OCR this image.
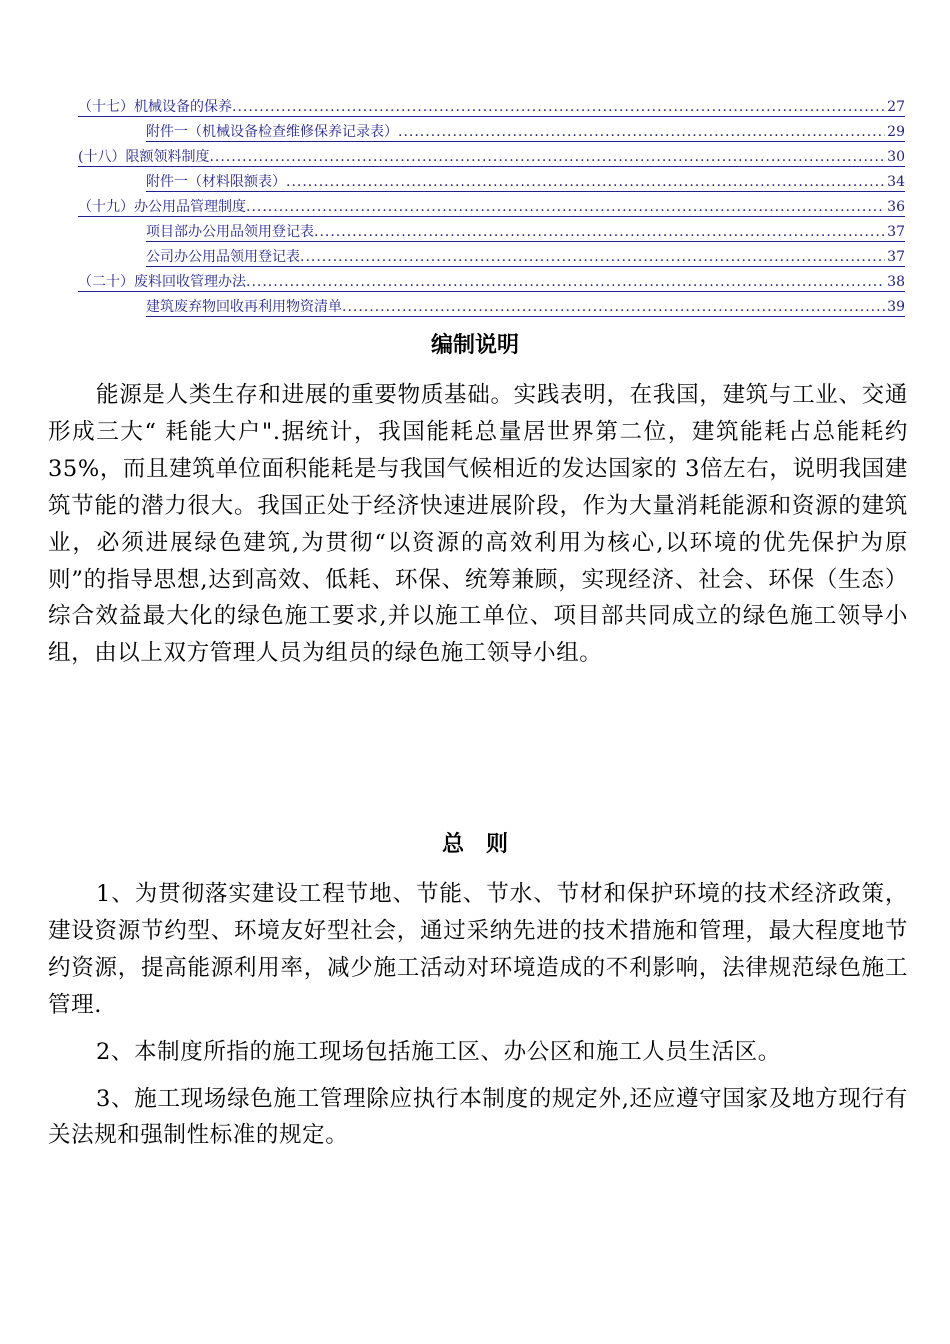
（十七）机械设备的保养 .....	27
附件一（机械设备检查维修保养记录表） .....	29
(十八）限额领料制度 .....	30
附件一（材料限额表） .....	34
（十九）办公用品管理制度 .....	36
项目部办公用品领用登记表 .....	37
公司办公用品领用登记表 .....	37
（二十）废料回收管理办法 .....	38
建筑废弃物回收再利用物资清单 .....	39
编制说明

能源是人类生存和进展的重要物质基础。实践表明，在我国，建筑与工业、交通形成三大“ 耗能大户".据统计，我国能耗总量居世界第二位，建筑能耗占总能耗约 35%，而且建筑单位面积能耗是与我国气候相近的发达国家的 3倍左右，说明我国建筑节能的潜力很大。我国正处于经济快速进展阶段，作为大量消耗能源和资源的建筑业，必须进展绿色建筑,为贯彻“以资源的高效利用为核心,以环境的优先保护为原则”的指导思想,达到高效、低耗、环保、统筹兼顾，实现经济、社会、环保（生态）综合效益最大化的绿色施工要求,并以施工单位、项目部共同成立的绿色施工领导小组，由以上双方管理人员为组员的绿色施工领导小组。

总　则

1、为贯彻落实建设工程节地、节能、节水、节材和保护环境的技术经济政策，建设资源节约型、环境友好型社会，通过采纳先进的技术措施和管理，最大程度地节约资源，提高能源利用率，减少施工活动对环境造成的不利影响，法律规范绿色施工管理.

2、本制度所指的施工现场包括施工区、办公区和施工人员生活区。

3、施工现场绿色施工管理除应执行本制度的规定外,还应遵守国家及地方现行有关法规和强制性标准的规定。
